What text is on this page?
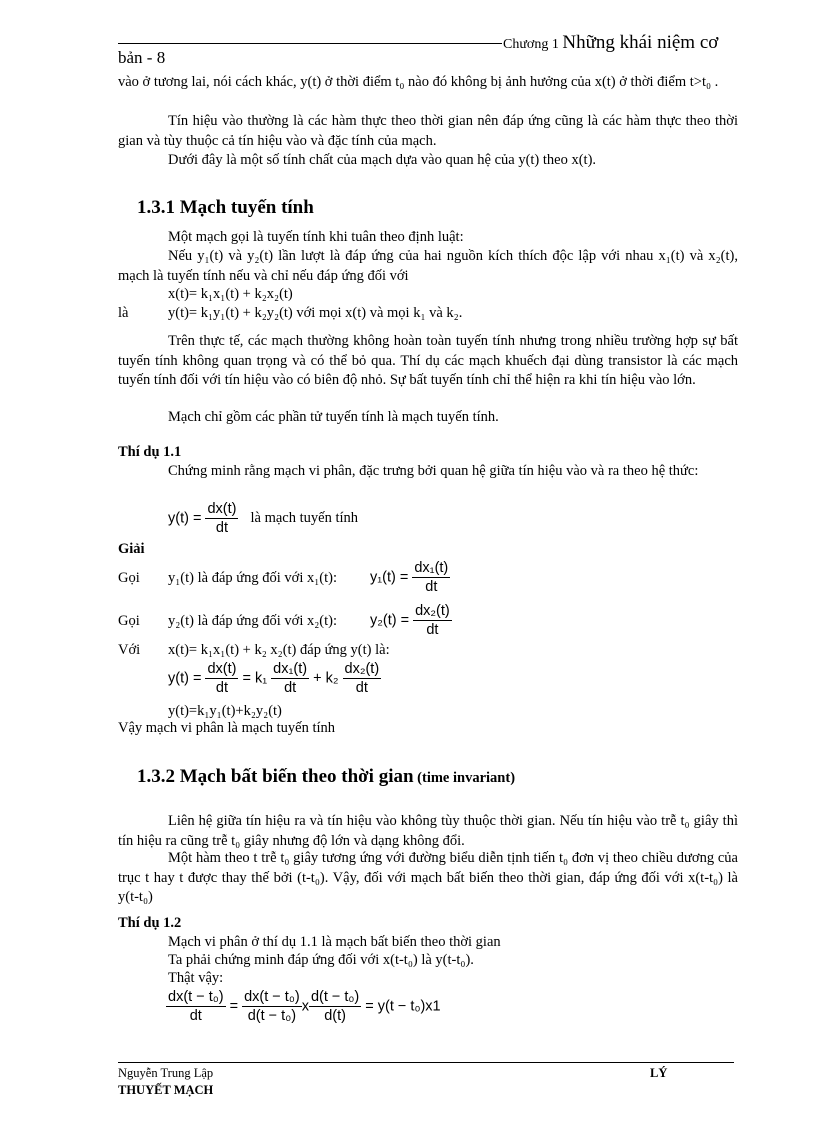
Chương 1 Những khái niệm cơ
bản - 8
vào ở tương lai, nói cách khác, y(t) ở thời điểm t₀ nào đó không bị ảnh hưởng của x(t) ở thời điểm t>t₀ .
Tín hiệu vào thường là các hàm thực theo thời gian nên đáp ứng cũng là các hàm thực theo thời gian và tùy thuộc cả tín hiệu vào và đặc tính của mạch.
Dưới đây là một số tính chất của mạch dựa vào quan hệ của y(t) theo x(t).
1.3.1 Mạch tuyến tính
Một mạch gọi là tuyến tính khi tuân theo định luật:
Nếu y₁(t) và y₂(t) lần lượt là đáp ứng của hai nguồn kích thích độc lập với nhau x₁(t) và x₂(t), mạch là tuyến tính nếu và chỉ nếu đáp ứng đối với
x(t)= k₁x₁(t) + k₂x₂(t)
là	y(t)= k₁y₁(t) + k₂y₂(t) với mọi x(t) và mọi k₁ và k₂.
Trên thực tế, các mạch thường không hoàn toàn tuyến tính nhưng trong nhiều trường hợp sự bất tuyến tính không quan trọng và có thể bỏ qua. Thí dụ các mạch khuếch đại dùng transistor là các mạch tuyến tính đối với tín hiệu vào có biên độ nhỏ. Sự bất tuyến tính chỉ thể hiện ra khi tín hiệu vào lớn.
Mạch chỉ gồm các phần tử tuyến tính là mạch tuyến tính.
Thí dụ 1.1
Chứng minh rằng mạch vi phân, đặc trưng bởi quan hệ giữa tín hiệu vào và ra theo hệ thức:
$y(t) = \frac{dx(t)}{dt}$ là mạch tuyến tính
Giải
Gọi y₁(t) là đáp ứng đối với x₁(t): $y_1(t) = \frac{\text{dx₁(t)}}{dt}$
Gọi y₂(t) là đáp ứng đối với x₂(t): $y_2(t) = \frac{\text{dx₂(t)}}{dt}$
Với x(t)= k₁x₁(t) + k₂ x₂(t) đáp ứng y(t) là:
$y(t) = \frac{dx(t)}{dt} = k_1 \frac{\text{dx₁(t)}}{dt} + k_2 \frac{\text{dx₂(t)}}{dt}$
y(t)=k₁y₁(t)+k₂y₂(t)
Vậy mạch vi phân là mạch tuyến tính
1.3.2 Mạch bất biến theo thời gian (time invariant)
Liên hệ giữa tín hiệu ra và tín hiệu vào không tùy thuộc thời gian. Nếu tín hiệu vào trễ t₀ giây thì tín hiệu ra cũng trễ t₀ giây nhưng độ lớn và dạng không đổi.
Một hàm theo t trễ t₀ giây tương ứng với đường biểu diễn tịnh tiến t₀ đơn vị theo chiều dương của trục t hay t được thay thế bởi (t-t₀). Vậy, đối với mạch bất biến theo thời gian, đáp ứng đối với x(t-t₀) là y(t-t₀)
Thí dụ 1.2
Mạch vi phân ở thí dụ 1.1 là mạch bất biến theo thời gian
Ta phải chứng minh đáp ứng đối với x(t-t₀) là y(t-t₀).
Thật vậy:
$\frac{\text{dx(t − t₀)}}{dt} = \frac{\text{dx(t − t₀)}}{\text{d(t − t₀)}}$ x $\frac{\text{d(t − t₀)}}{d(t)} = y(t - t_0)x1$
Nguyễn Trung Lập	LÝ
THUYẾT MẠCH
